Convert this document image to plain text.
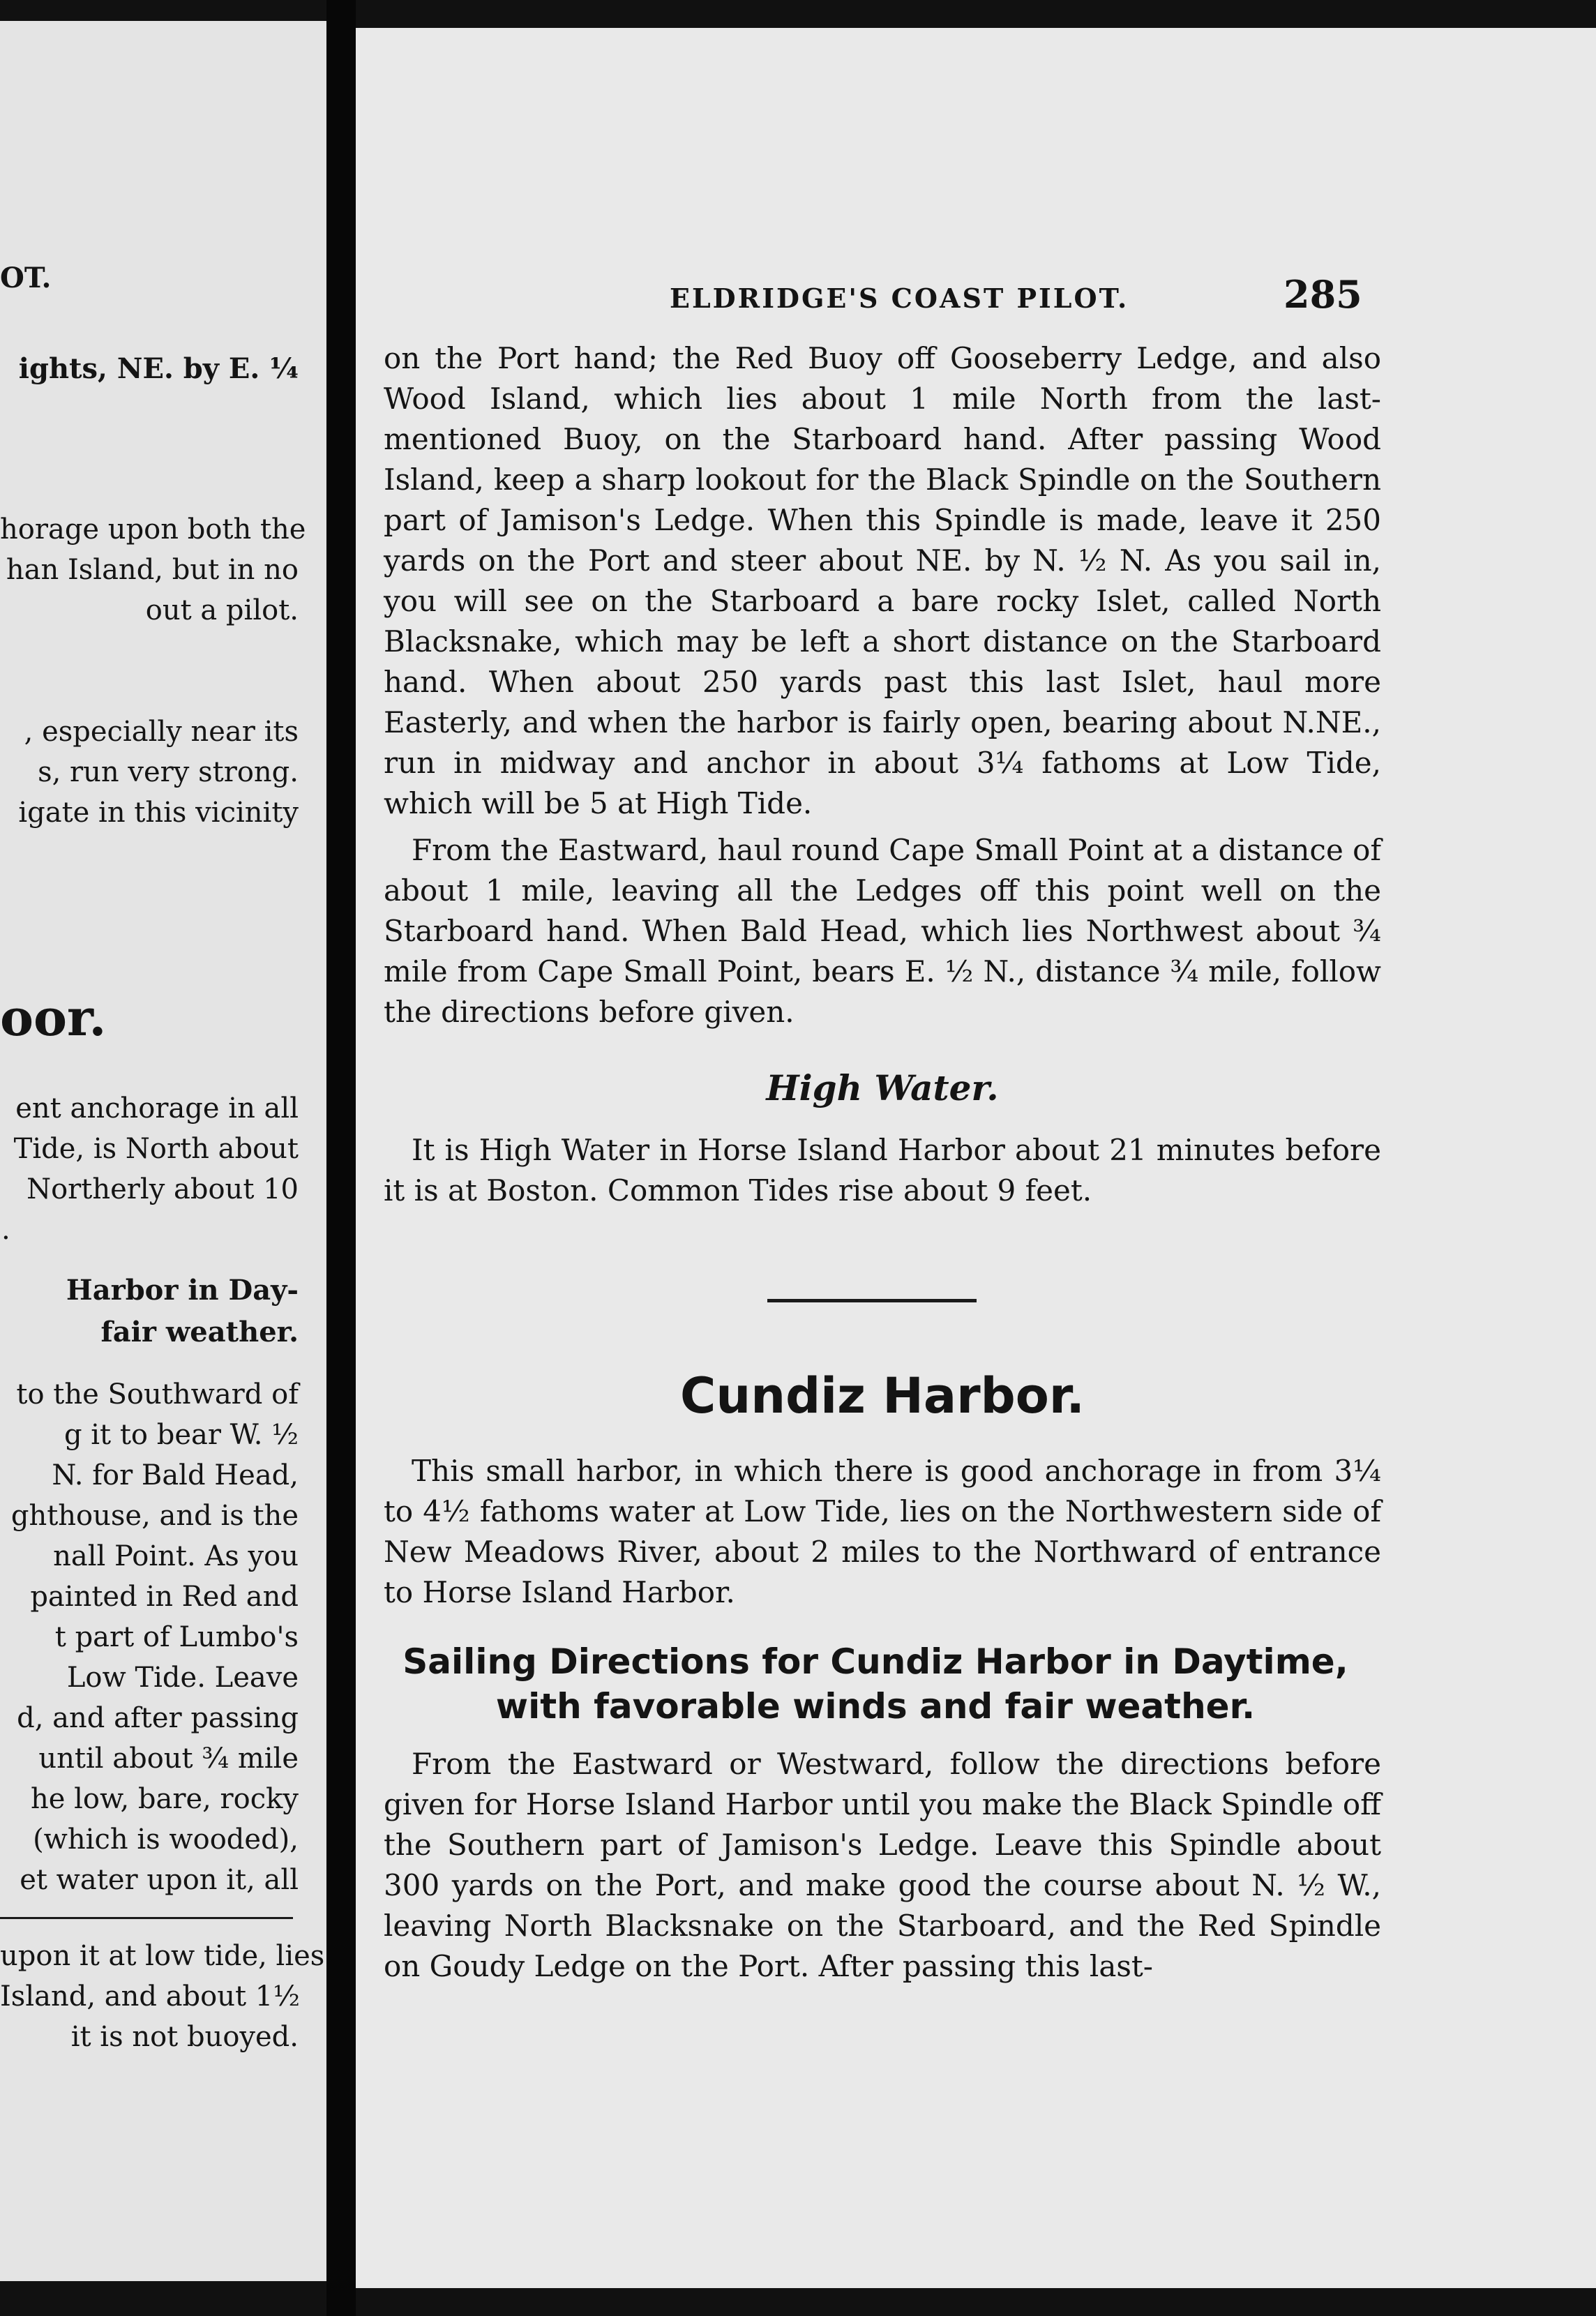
OT.
ights, NE. by E. ¼
horage upon both the
han Island, but in no
out a pilot.
, especially near its
s, run very strong.
igate in this vicinity
oor.
ent anchorage in all
Tide, is North about
Northerly about 10
.
Harbor in Day-
fair weather.
to the Southward of
g it to bear W. ½
N. for Bald Head,
ghthouse, and is the
nall Point. As you
painted in Red and
t part of Lumbo's
Low Tide. Leave
d, and after passing
until about ¾ mile
he low, bare, rocky
(which is wooded),
et water upon it, all
upon it at low tide, lies
Island, and about 1½
it is not buoyed.
ELDRIDGE'S COAST PILOT.	285

on the Port hand; the Red Buoy off Gooseberry Ledge, and also Wood Island, which lies about 1 mile North from the last-mentioned Buoy, on the Starboard hand. After passing Wood Island, keep a sharp lookout for the Black Spindle on the Southern part of Jamison's Ledge. When this Spindle is made, leave it 250 yards on the Port and steer about NE. by N. ½ N. As you sail in, you will see on the Starboard a bare rocky Islet, called North Blacksnake, which may be left a short distance on the Starboard hand. When about 250 yards past this last Islet, haul more Easterly, and when the harbor is fairly open, bearing about N.NE., run in midway and anchor in about 3¼ fathoms at Low Tide, which will be 5 at High Tide.

From the Eastward, haul round Cape Small Point at a distance of about 1 mile, leaving all the Ledges off this point well on the Starboard hand. When Bald Head, which lies Northwest about ¾ mile from Cape Small Point, bears E. ½ N., distance ¾ mile, follow the directions before given.

High Water.

It is High Water in Horse Island Harbor about 21 minutes before it is at Boston. Common Tides rise about 9 feet.

Cundiz Harbor.

This small harbor, in which there is good anchorage in from 3¼ to 4½ fathoms water at Low Tide, lies on the Northwestern side of New Meadows River, about 2 miles to the Northward of entrance to Horse Island Harbor.

Sailing Directions for Cundiz Harbor in Daytime,
with favorable winds and fair weather.

From the Eastward or Westward, follow the directions before given for Horse Island Harbor until you make the Black Spindle off the Southern part of Jamison's Ledge. Leave this Spindle about 300 yards on the Port, and make good the course about N. ½ W., leaving North Blacksnake on the Starboard, and the Red Spindle on Goudy Ledge on the Port. After passing this last-
